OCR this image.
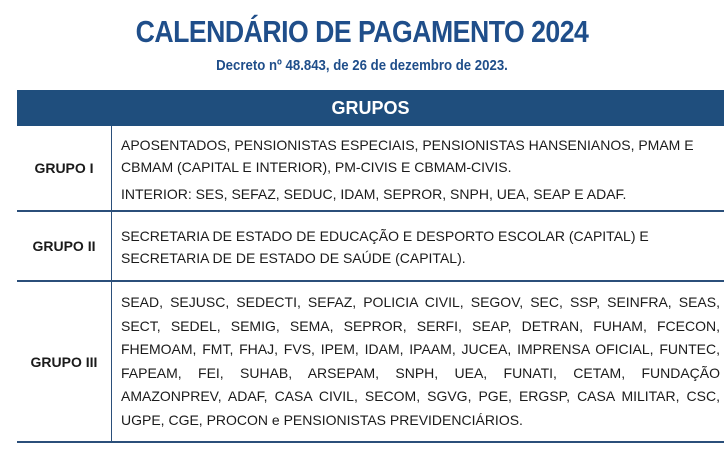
CALENDÁRIO DE PAGAMENTO 2024
Decreto nº 48.843, de 26 de dezembro de 2023.
GRUPOS
GRUPO I

APOSENTADOS, PENSIONISTAS ESPECIAIS, PENSIONISTAS HANSENIANOS, PMAM E CBMAM (CAPITAL E INTERIOR), PM-CIVIS E CBMAM-CIVIS.

INTERIOR: SES, SEFAZ, SEDUC, IDAM, SEPROR, SNPH, UEA, SEAP E ADAF.

GRUPO II

SECRETARIA DE ESTADO DE EDUCAÇÃO E DESPORTO ESCOLAR (CAPITAL) E SECRETARIA DE DE ESTADO DE SAÚDE (CAPITAL).

GRUPO III

SEAD, SEJUSC, SEDECTI, SEFAZ, POLICIA CIVIL, SEGOV, SEC, SSP, SEINFRA, SEAS, SECT, SEDEL, SEMIG, SEMA, SEPROR, SERFI, SEAP, DETRAN, FUHAM, FCECON, FHEMOAM, FMT, FHAJ, FVS, IPEM, IDAM, IPAAM, JUCEA, IMPRENSA OFICIAL, FUNTEC, FAPEAM, FEI, SUHAB, ARSEPAM, SNPH, UEA, FUNATI, CETAM, FUNDAÇÃO AMAZONPREV, ADAF, CASA CIVIL, SECOM, SGVG, PGE, ERGSP, CASA MILITAR, CSC, UGPE, CGE, PROCON e PENSIONISTAS PREVIDENCIÁRIOS.
